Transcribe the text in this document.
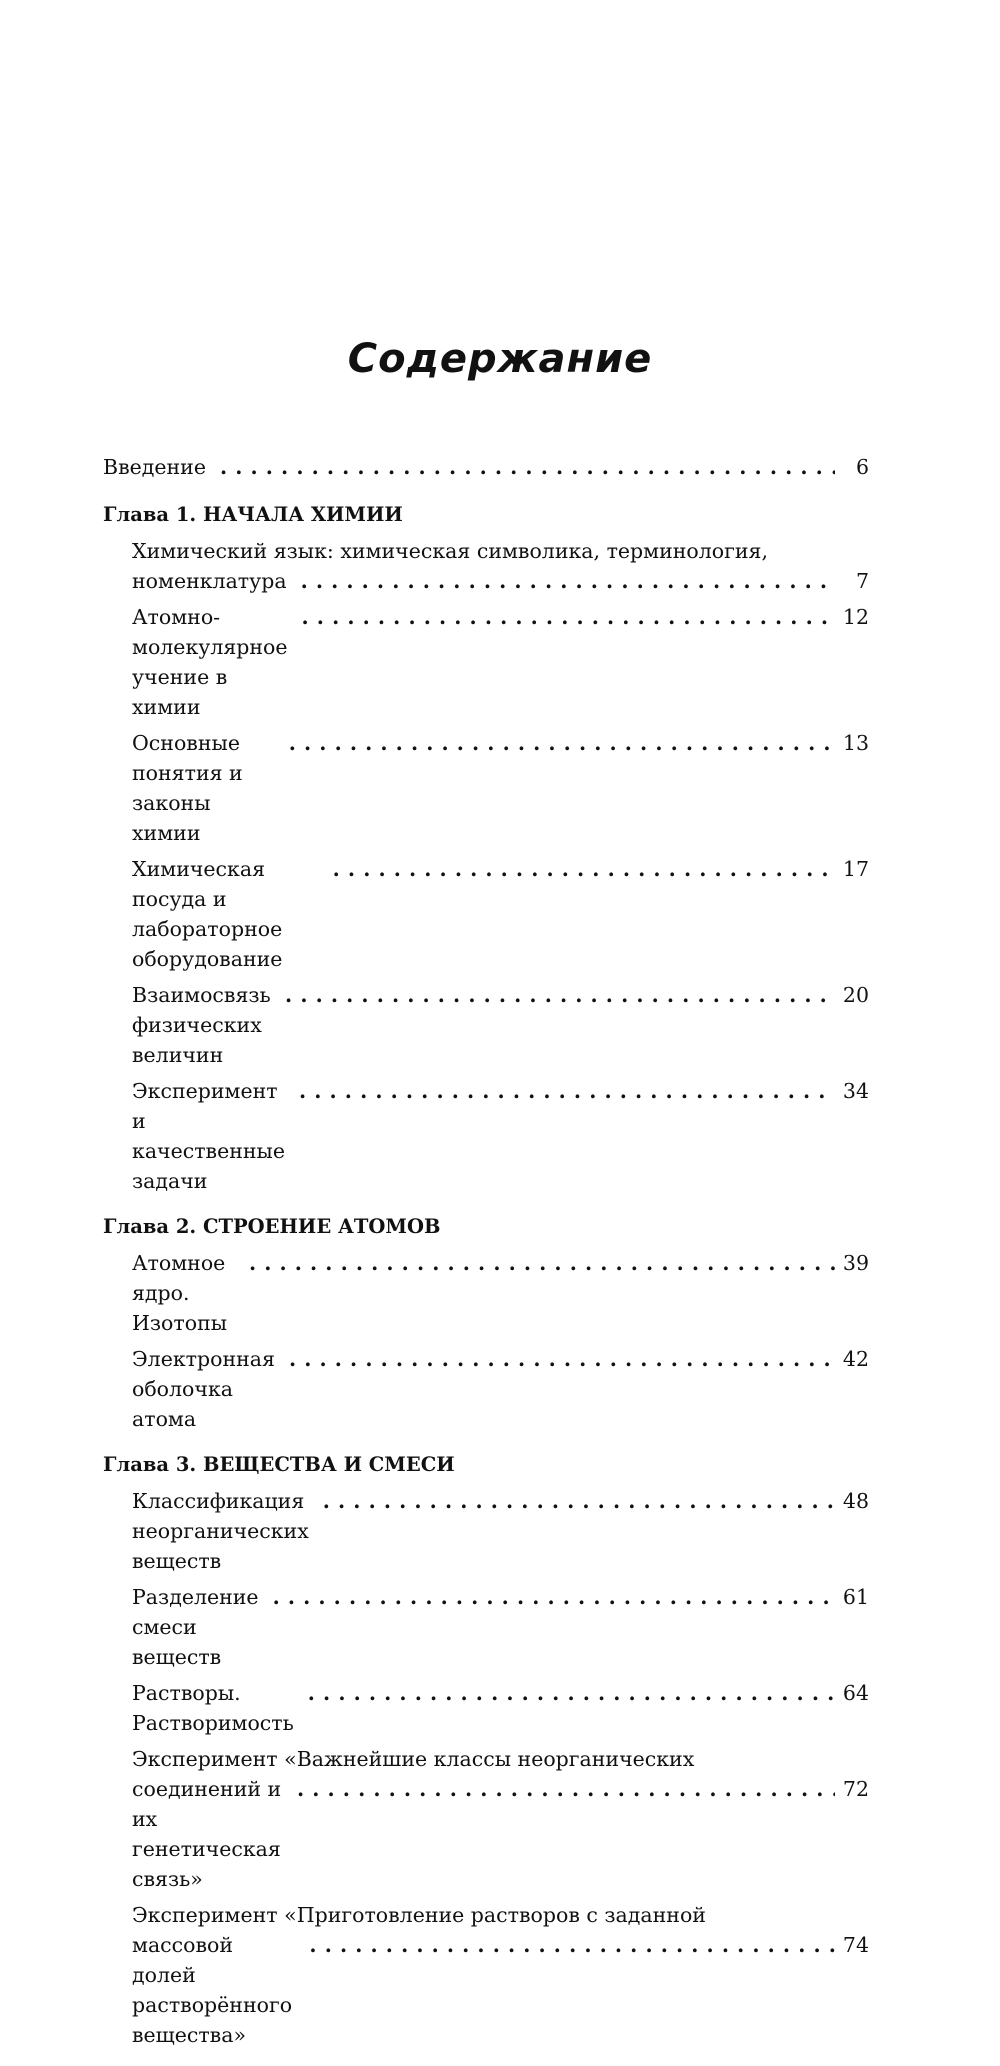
Содержание
Введение . . .	6
Глава 1. НАЧАЛА ХИМИИ
Химический язык: химическая символика, терминология,
номенклатура . . .	7
Атомно-молекулярное учение в химии
. . .
12
Основные понятия и законы химии
. . .
13
Химическая посуда и лабораторное оборудование
. . .
17
Взаимосвязь физических величин
. . .
20
Эксперимент и качественные задачи
. . .
34
Глава 2. СТРОЕНИЕ АТОМОВ
Атомное ядро. Изотопы
. . .
39
Электронная оболочка атома
. . .
42
Глава 3. ВЕЩЕСТВА И СМЕСИ
Классификация неорганических веществ
. . .
48
Разделение смеси веществ
. . .
61
Растворы. Растворимость
. . .
64
Эксперимент «Важнейшие классы неорганических
соединений и их генетическая связь»
. . .
72
Эксперимент «Приготовление растворов с заданной
массовой долей растворённого вещества»
. . .
74
